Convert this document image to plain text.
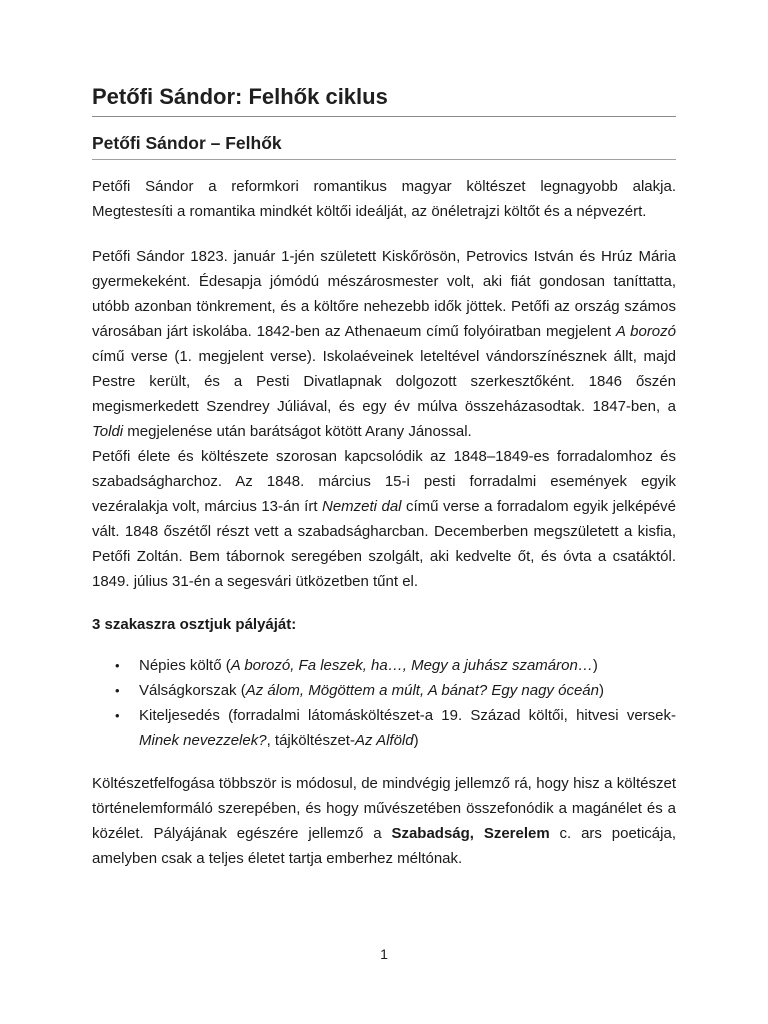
Petőfi Sándor: Felhők ciklus
Petőfi Sándor – Felhők

Petőfi Sándor a reformkori romantikus magyar költészet legnagyobb alakja. Megtestesíti a romantika mindkét költői ideálját, az önéletrajzi költőt és a népvezért.

Petőfi Sándor 1823. január 1-jén született Kiskőrösön, Petrovics István és Hrúz Mária gyermekeként. Édesapja jómódú mészárosmester volt, aki fiát gondosan taníttatta, utóbb azonban tönkrement, és a költőre nehezebb idők jöttek. Petőfi az ország számos városában járt iskolába. 1842-ben az Athenaeum című folyóiratban megjelent A borozó című verse (1. megjelent verse). Iskolaéveinek leteltével vándorszínésznek állt, majd Pestre került, és a Pesti Divatlapnak dolgozott szerkesztőként. 1846 őszén megismerkedett Szendrey Júliával, és egy év múlva összeházasodtak. 1847-ben, a Toldi megjelenése után barátságot kötött Arany Jánossal.

Petőfi élete és költészete szorosan kapcsolódik az 1848–1849-es forradalomhoz és szabadságharchoz. Az 1848. március 15-i pesti forradalmi események egyik vezéralakja volt, március 13-án írt Nemzeti dal című verse a forradalom egyik jelképévé vált. 1848 őszétől részt vett a szabadságharcban. Decemberben megszületett a kisfia, Petőfi Zoltán. Bem tábornok seregében szolgált, aki kedvelte őt, és óvta a csatáktól. 1849. július 31-én a segesvári ütközetben tűnt el.

3 szakaszra osztjuk pályáját:

• Népies költő (A borozó, Fa leszek, ha…, Megy a juhász szamáron…)
• Válságkorszak (Az álom, Mögöttem a múlt, A bánat? Egy nagy óceán)
• Kiteljesedés (forradalmi látomásköltészet-a 19. Század költői, hitvesi versek-Minek nevezzelek?, tájköltészet-Az Alföld)

Költészetfelfogása többször is módosul, de mindvégig jellemző rá, hogy hisz a költészet történelemformáló szerepében, és hogy művészetében összefonódik a magánélet és a közélet. Pályájának egészére jellemző a Szabadság, Szerelem c. ars poeticája, amelyben csak a teljes életet tartja emberhez méltónak.

1
